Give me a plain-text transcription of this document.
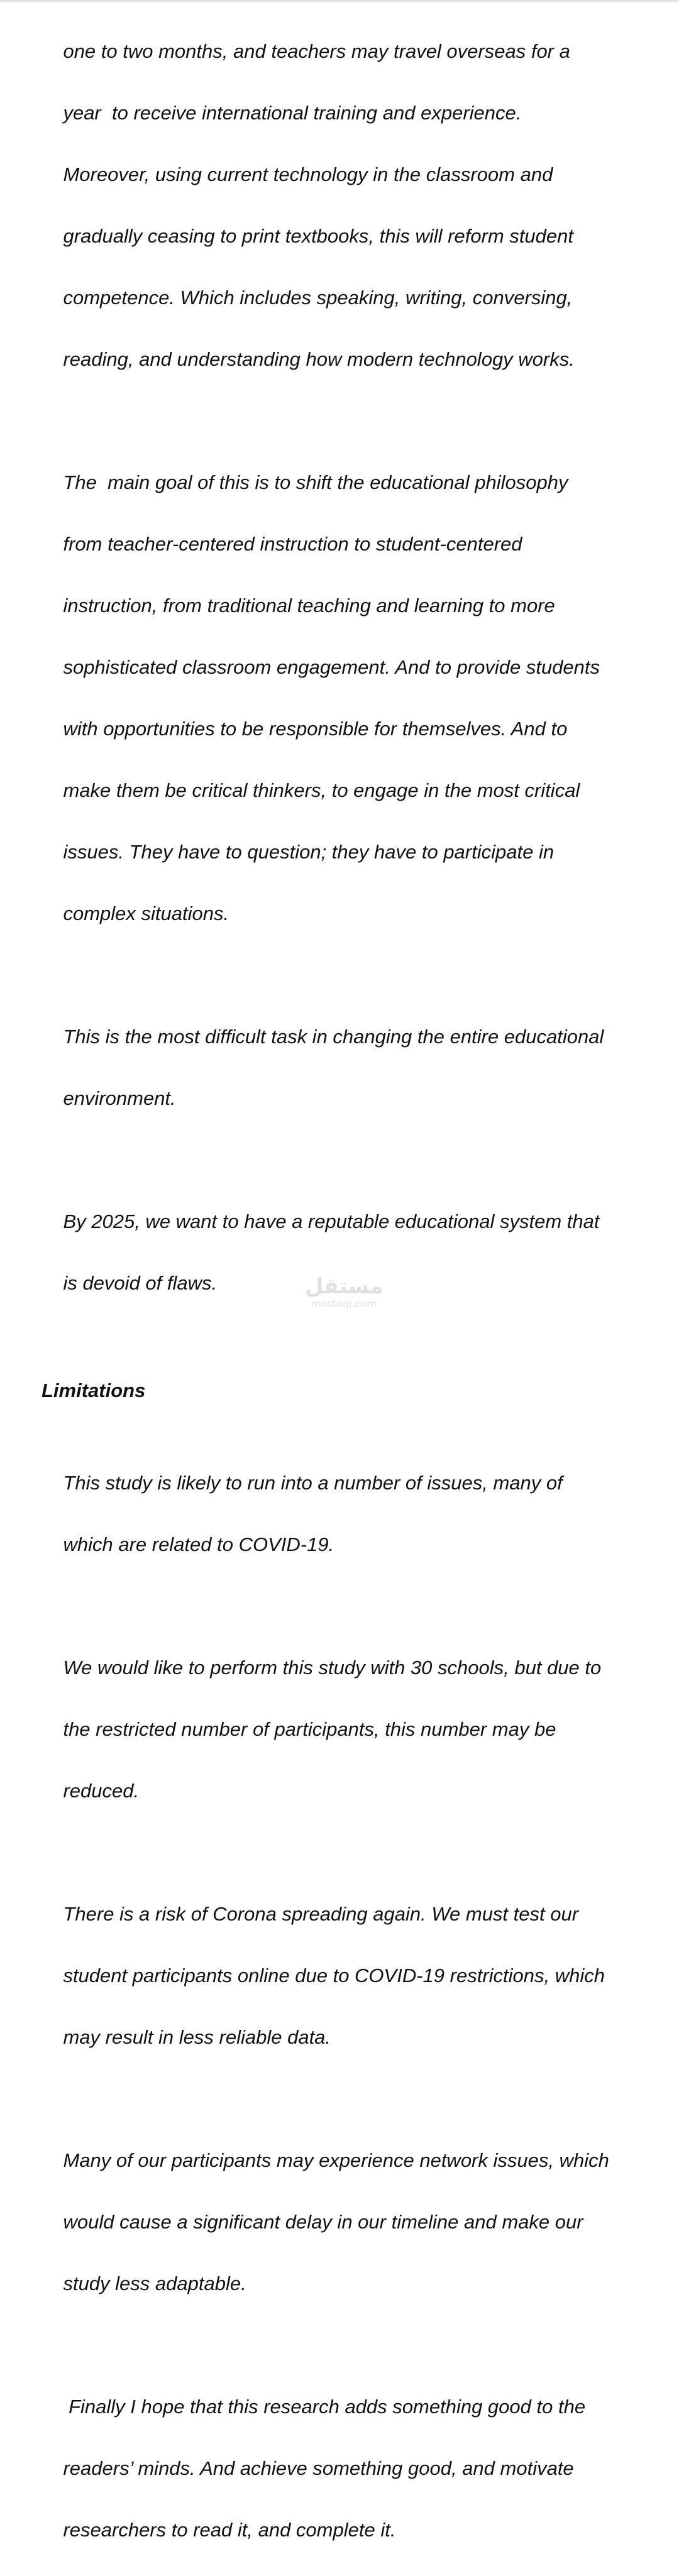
one to two months, and teachers may travel overseas for a

year  to receive international training and experience.

Moreover, using current technology in the classroom and

gradually ceasing to print textbooks, this will reform student

competence. Which includes speaking, writing, conversing,

reading, and understanding how modern technology works.

The  main goal of this is to shift the educational philosophy

from teacher-centered instruction to student-centered

instruction, from traditional teaching and learning to more

sophisticated classroom engagement. And to provide students

with opportunities to be responsible for themselves. And to

make them be critical thinkers, to engage in the most critical

issues. They have to question; they have to participate in

complex situations.

This is the most difficult task in changing the entire educational

environment.

By 2025, we want to have a reputable educational system that

is devoid of flaws.

Limitations

This study is likely to run into a number of issues, many of

which are related to COVID-19.

We would like to perform this study with 30 schools, but due to

the restricted number of participants, this number may be

reduced.

There is a risk of Corona spreading again. We must test our

student participants online due to COVID-19 restrictions, which

may result in less reliable data.

Many of our participants may experience network issues, which

would cause a significant delay in our timeline and make our

study less adaptable.

Finally I hope that this research adds something good to the

readers’ minds. And achieve something good, and motivate

researchers to read it, and complete it.

مستقل
mostaql.com
